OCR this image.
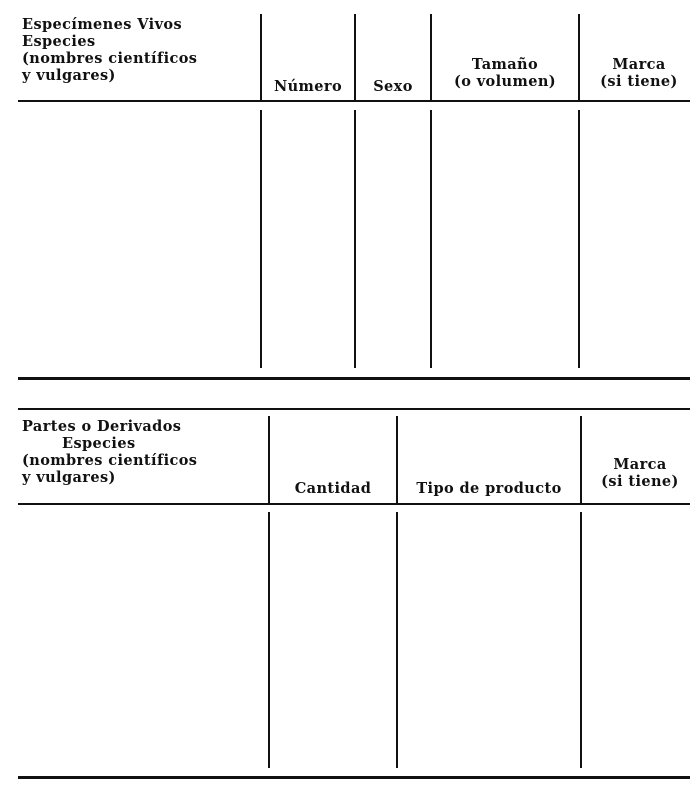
Especímenes Vivos
Especies
(nombres científicos
y vulgares)
Número	Sexo
Tamaño
(o volumen)
Marca
(si tiene)
Partes o Derivados
Especies
(nombres científicos
y vulgares)
Cantidad	Tipo de producto
Marca
(si tiene)
